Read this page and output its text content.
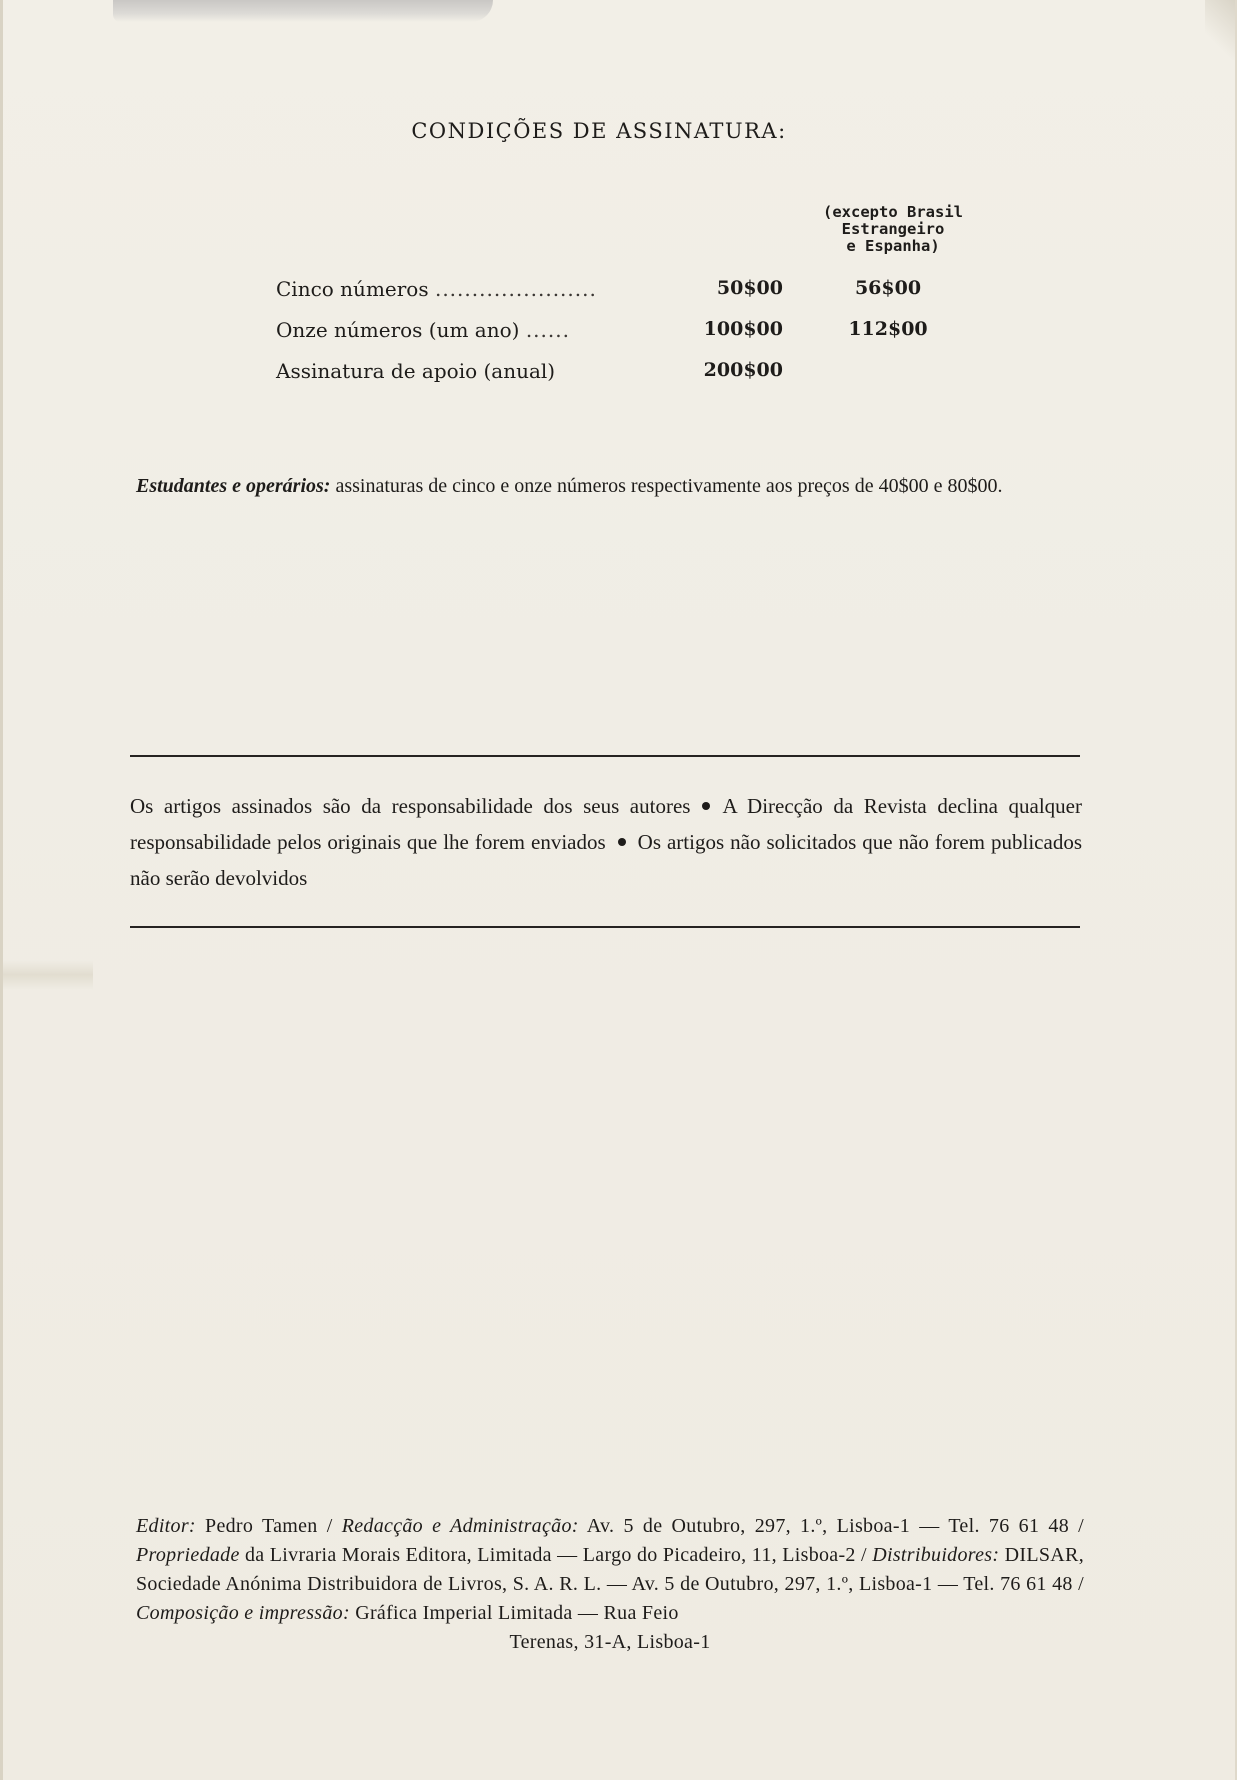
CONDIÇÕES DE ASSINATURA:
(excepto Brasil
Estrangeiro
e Espanha)
Cinco números ......................	50$00	56$00
Onze números (um ano) ......	100$00	112$00
Assinatura de apoio (anual)	200$00
Estudantes e operários: assinaturas de cinco e onze números respectivamente aos preços de 40$00 e 80$00.
Os artigos assinados são da responsabilidade dos seus autores A Direcção da Revista declina qualquer responsabilidade pelos originais que lhe forem enviados Os artigos não solicitados que não forem publicados não serão devolvidos
Editor: Pedro Tamen / Redacção e Administração: Av. 5 de Outubro, 297, 1.º, Lisboa-1 — Tel. 76 61 48 / Propriedade da Livraria Morais Editora, Limitada — Largo do Picadeiro, 11, Lisboa-2 / Distribuidores: DILSAR, Sociedade Anónima Distribuidora de Livros, S. A. R. L. — Av. 5 de Outubro, 297, 1.º, Lisboa-1 — Tel. 76 61 48 / Composição e impressão: Gráfica Imperial Limitada — Rua Feio
Terenas, 31-A, Lisboa-1
